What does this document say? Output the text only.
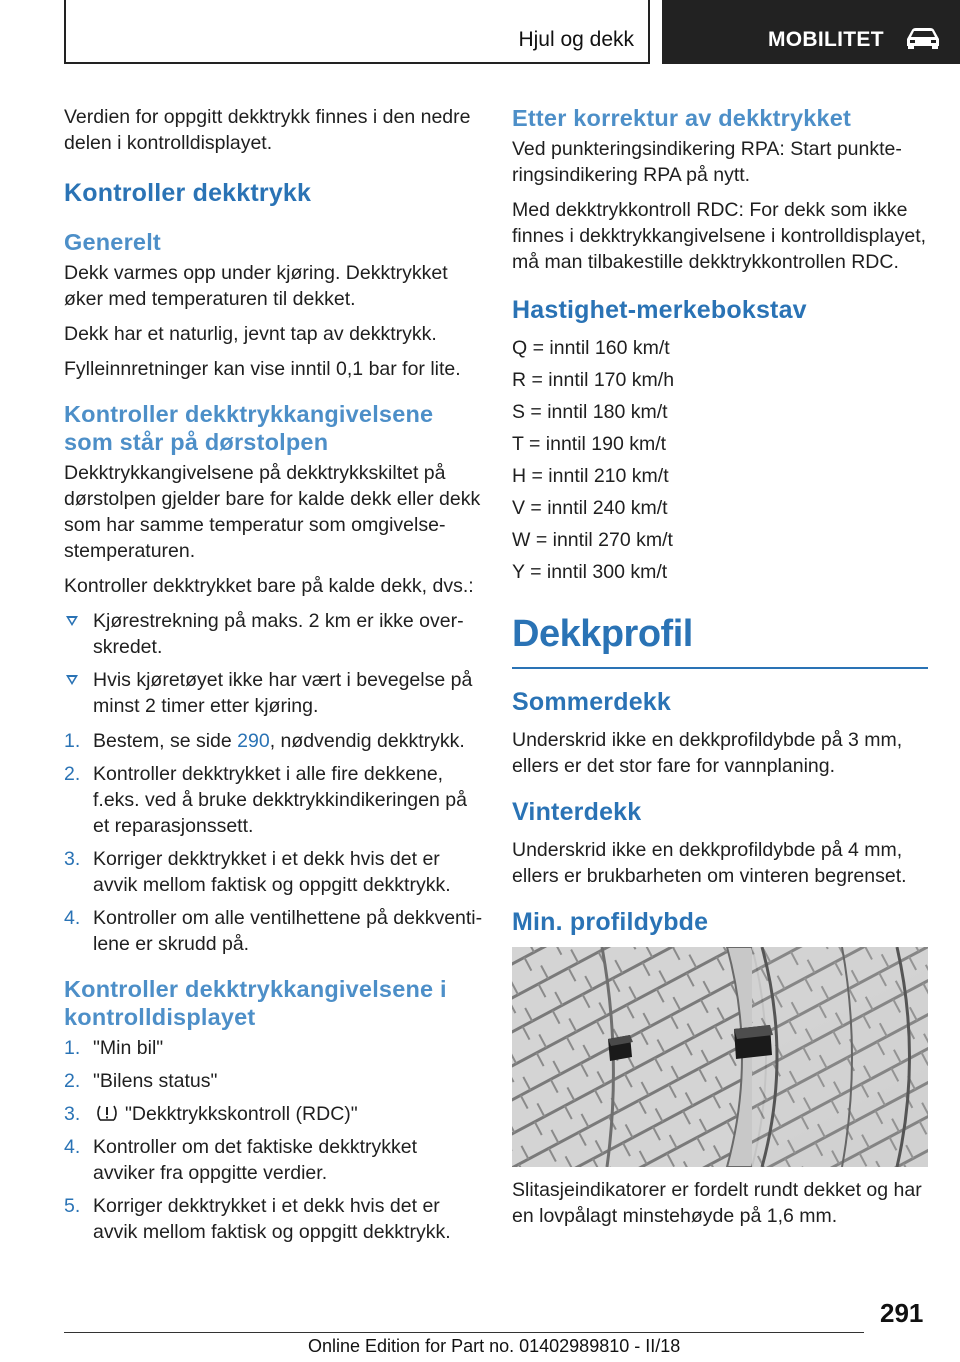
Hjul og dekk	MOBILITET

Verdien for oppgitt dekktrykk finnes i den nedre delen i kontrolldisplayet.

Kontroller dekktrykk
Generelt

Dekk varmes opp under kjøring. Dekktrykket øker med temperaturen til dekket.

Dekk har et naturlig, jevnt tap av dekktrykk.

Fylleinnretninger kan vise inntil 0,1 bar for lite.

Kontroller dekktrykkangivelsene som står på dørstolpen

Dekktrykkangivelsene på dekktrykkskiltet på dørstolpen gjelder bare for kalde dekk eller dekk som har samme temperatur som omgivelsestemperaturen.

Kontroller dekktrykket bare på kalde dekk, dvs.:

Kjørestrekning på maks. 2 km er ikke overskredet.
Hvis kjøretøyet ikke har vært i bevegelse på minst 2 timer etter kjøring.
1. Bestem, se side 290, nødvendig dekktrykk.
2. Kontroller dekktrykket i alle fire dekkene, f.eks. ved å bruke dekktrykkindikeringen på et reparasjonssett.
3. Korriger dekktrykket i et dekk hvis det er avvik mellom faktisk og oppgitt dekktrykk.
4. Kontroller om alle ventilhettene på dekkventilene er skrudd på.
Kontroller dekktrykkangivelsene i kontrolldisplayet
1. "Min bil"
2. "Bilens status"
3. "Dekktrykkskontroll (RDC)"
4. Kontroller om det faktiske dekktrykket avviker fra oppgitte verdier.
5. Korriger dekktrykket i et dekk hvis det er avvik mellom faktisk og oppgitt dekktrykk.
Etter korrektur av dekktrykket

Ved punkteringsindikering RPA: Start punkteringsindikering RPA på nytt.

Med dekktrykkontroll RDC: For dekk som ikke finnes i dekktrykkangivelsene i kontrolldisplayet, må man tilbakestille dekktrykkontrollen RDC.

Hastighet-merkebokstav

Q = inntil 160 km/t

R = inntil 170 km/h

S = inntil 180 km/t

T = inntil 190 km/t

H = inntil 210 km/t

V = inntil 240 km/t

W = inntil 270 km/t

Y = inntil 300 km/t

Dekkprofil
Sommerdekk

Underskrid ikke en dekkprofildybde på 3 mm, ellers er det stor fare for vannplaning.

Vinterdekk

Underskrid ikke en dekkprofildybde på 4 mm, ellers er brukbarheten om vinteren begrenset.

Min. profildybde

Slitasjeindikatorer er fordelt rundt dekket og har en lovpålagt minstehøyde på 1,6 mm.

291
Online Edition for Part no. 01402989810 - II/18
